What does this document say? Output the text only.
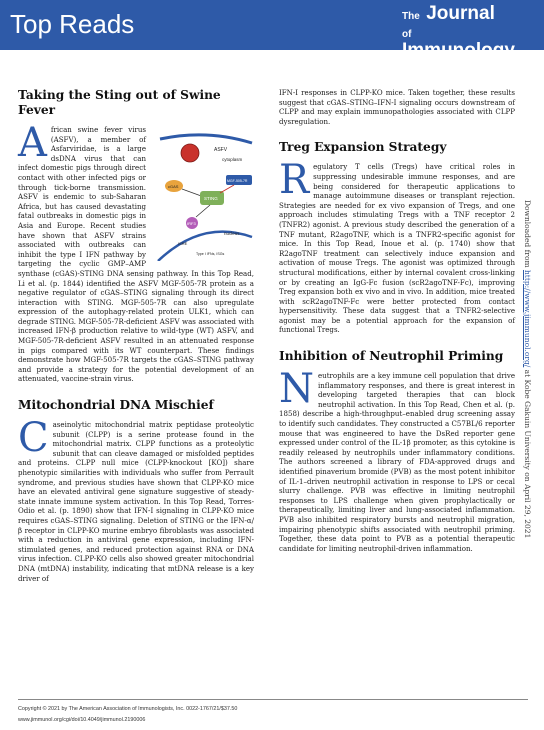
Top Reads	The Journal
of Immunology
Taking the Sting out of Swine Fever
ASFV
cytoplasm
cGAS
STING
MGF-505-7R
IRF3
nucleus
ISRE
Type I IFNs, ISGs

African swine fever virus (ASFV), a member of Asfarviridae, is a large dsDNA virus that can infect domestic pigs through direct contact with other infected pigs or through tick-borne transmission. ASFV is endemic to sub-Saharan Africa, but has caused devastating fatal outbreaks in domestic pigs in Asia and Europe. Recent studies have shown that ASFV strains associated with outbreaks can inhibit the type I IFN pathway by targeting the cyclic GMP–AMP synthase (cGAS)-STING DNA sensing pathway. In this Top Read, Li et al. (p. 1844) identified the ASFV MGF-505-7R protein as a negative regulator of cGAS–STING signaling through its direct interaction with STING. MGF-505-7R can also upregulate expression of the autophagy-related protein ULK1, which can degrade STING. MGF-505-7R-deficient ASFV was associated with increased IFN-β production relative to wild-type (WT) ASFV, and MGF-505-7R-deficient ASFV resulted in an attenuated response in pigs compared with its WT counterpart. These findings demonstrate how MGF-505-7R targets the cGAS–STING pathway and provide a strategy for the potential development of an attenuated, vaccine-strain virus.

Mitochondrial DNA Mischief

Caseinolytic mitochondrial matrix peptidase proteolytic subunit (CLPP) is a serine protease found in the mitochondrial matrix. CLPP functions as a proteolytic subunit that can cleave damaged or misfolded peptides and proteins. CLPP null mice (CLPP-knockout [KO]) share phenotypic similarities with individuals who suffer from Perrault syndrome, and previous studies have shown that CLPP-KO mice have an elevated antiviral gene signature suggestive of steady-state innate immune system activation. In this Top Read, Torres-Odio et al. (p. 1890) show that IFN-I signaling in CLPP-KO mice requires cGAS–STING signaling. Deletion of STING or the IFN-α/β receptor in CLPP-KO murine embryo fibroblasts was associated with a reduction in antiviral gene expression, including IFN-stimulated genes, and reduced protection against RNA or DNA virus infection. CLPP-KO cells also showed greater mitochondrial DNA (mtDNA) instability, indicating that mtDNA release is a key driver of

IFN-I responses in CLPP-KO mice. Taken together, these results suggest that cGAS–STING–IFN-I signaling occurs downstream of CLPP and may explain immunopathologies associated with CLPP dysregulation.

Treg Expansion Strategy

Regulatory T cells (Tregs) have critical roles in suppressing undesirable immune responses, and are being considered for therapeutic applications to manage autoimmune diseases or transplant rejection. Strategies are needed for ex vivo expansion of Tregs, and one approach includes stimulating Tregs with a TNF receptor 2 (TNFR2) agonist. A previous study described the generation of a TNF mutant, R2agoTNF, which is a TNFR2-specific agonist for mice. In this Top Read, Inoue et al. (p. 1740) show that R2agoTNF treatment can selectively induce expansion and activation of mouse Tregs. The agonist was optimized through structural modifications, either by internal covalent cross-linking or by creating an IgG-Fc fusion (scR2agoTNF-Fc), improving Treg expansion both ex vivo and in vivo. In addition, mice treated with scR2agoTNF-Fc were better protected from contact hypersensitivity. These data suggest that a TNFR2-selective agonist may be a potential approach for the expansion of functional Tregs.

Inhibition of Neutrophil Priming

Neutrophils are a key immune cell population that drive inflammatory responses, and there is great interest in developing targeted therapies that can block neutrophil activation. In this Top Read, Chen et al. (p. 1858) describe a high-throughput–enabled drug screening assay to identify such candidates. They constructed a C57BL/6 reporter mouse that was engineered to have the DsRed reporter gene expressed under control of the IL-1β promoter, as this cytokine is readily released by neutrophils under inflammatory conditions. The authors screened a library of FDA-approved drugs and identified pinaverium bromide (PVB) as the most potent inhibitor of IL-1–driven neutrophil activation in response to LPS or cecal slurry challenge. PVB was effective in limiting neutrophil responses to LPS challenge when given prophylactically or therapeutically, limiting liver and lung-associated inflammation. PVB also inhibited respiratory bursts and neutrophil migration, impairing phenotypic shifts associated with neutrophil priming. Together, these data point to PVB as a potential therapeutic candidate for limiting neutrophil-driven inflammation.

Downloaded from http://www.jimmunol.org/ at Kobe Gakuin University on April 29, 2021
Copyright © 2021 by The American Association of Immunologists, Inc. 0022-1767/21/$37.50
www.jimmunol.org/cgi/doi/10.4049/jimmunol.2190006
